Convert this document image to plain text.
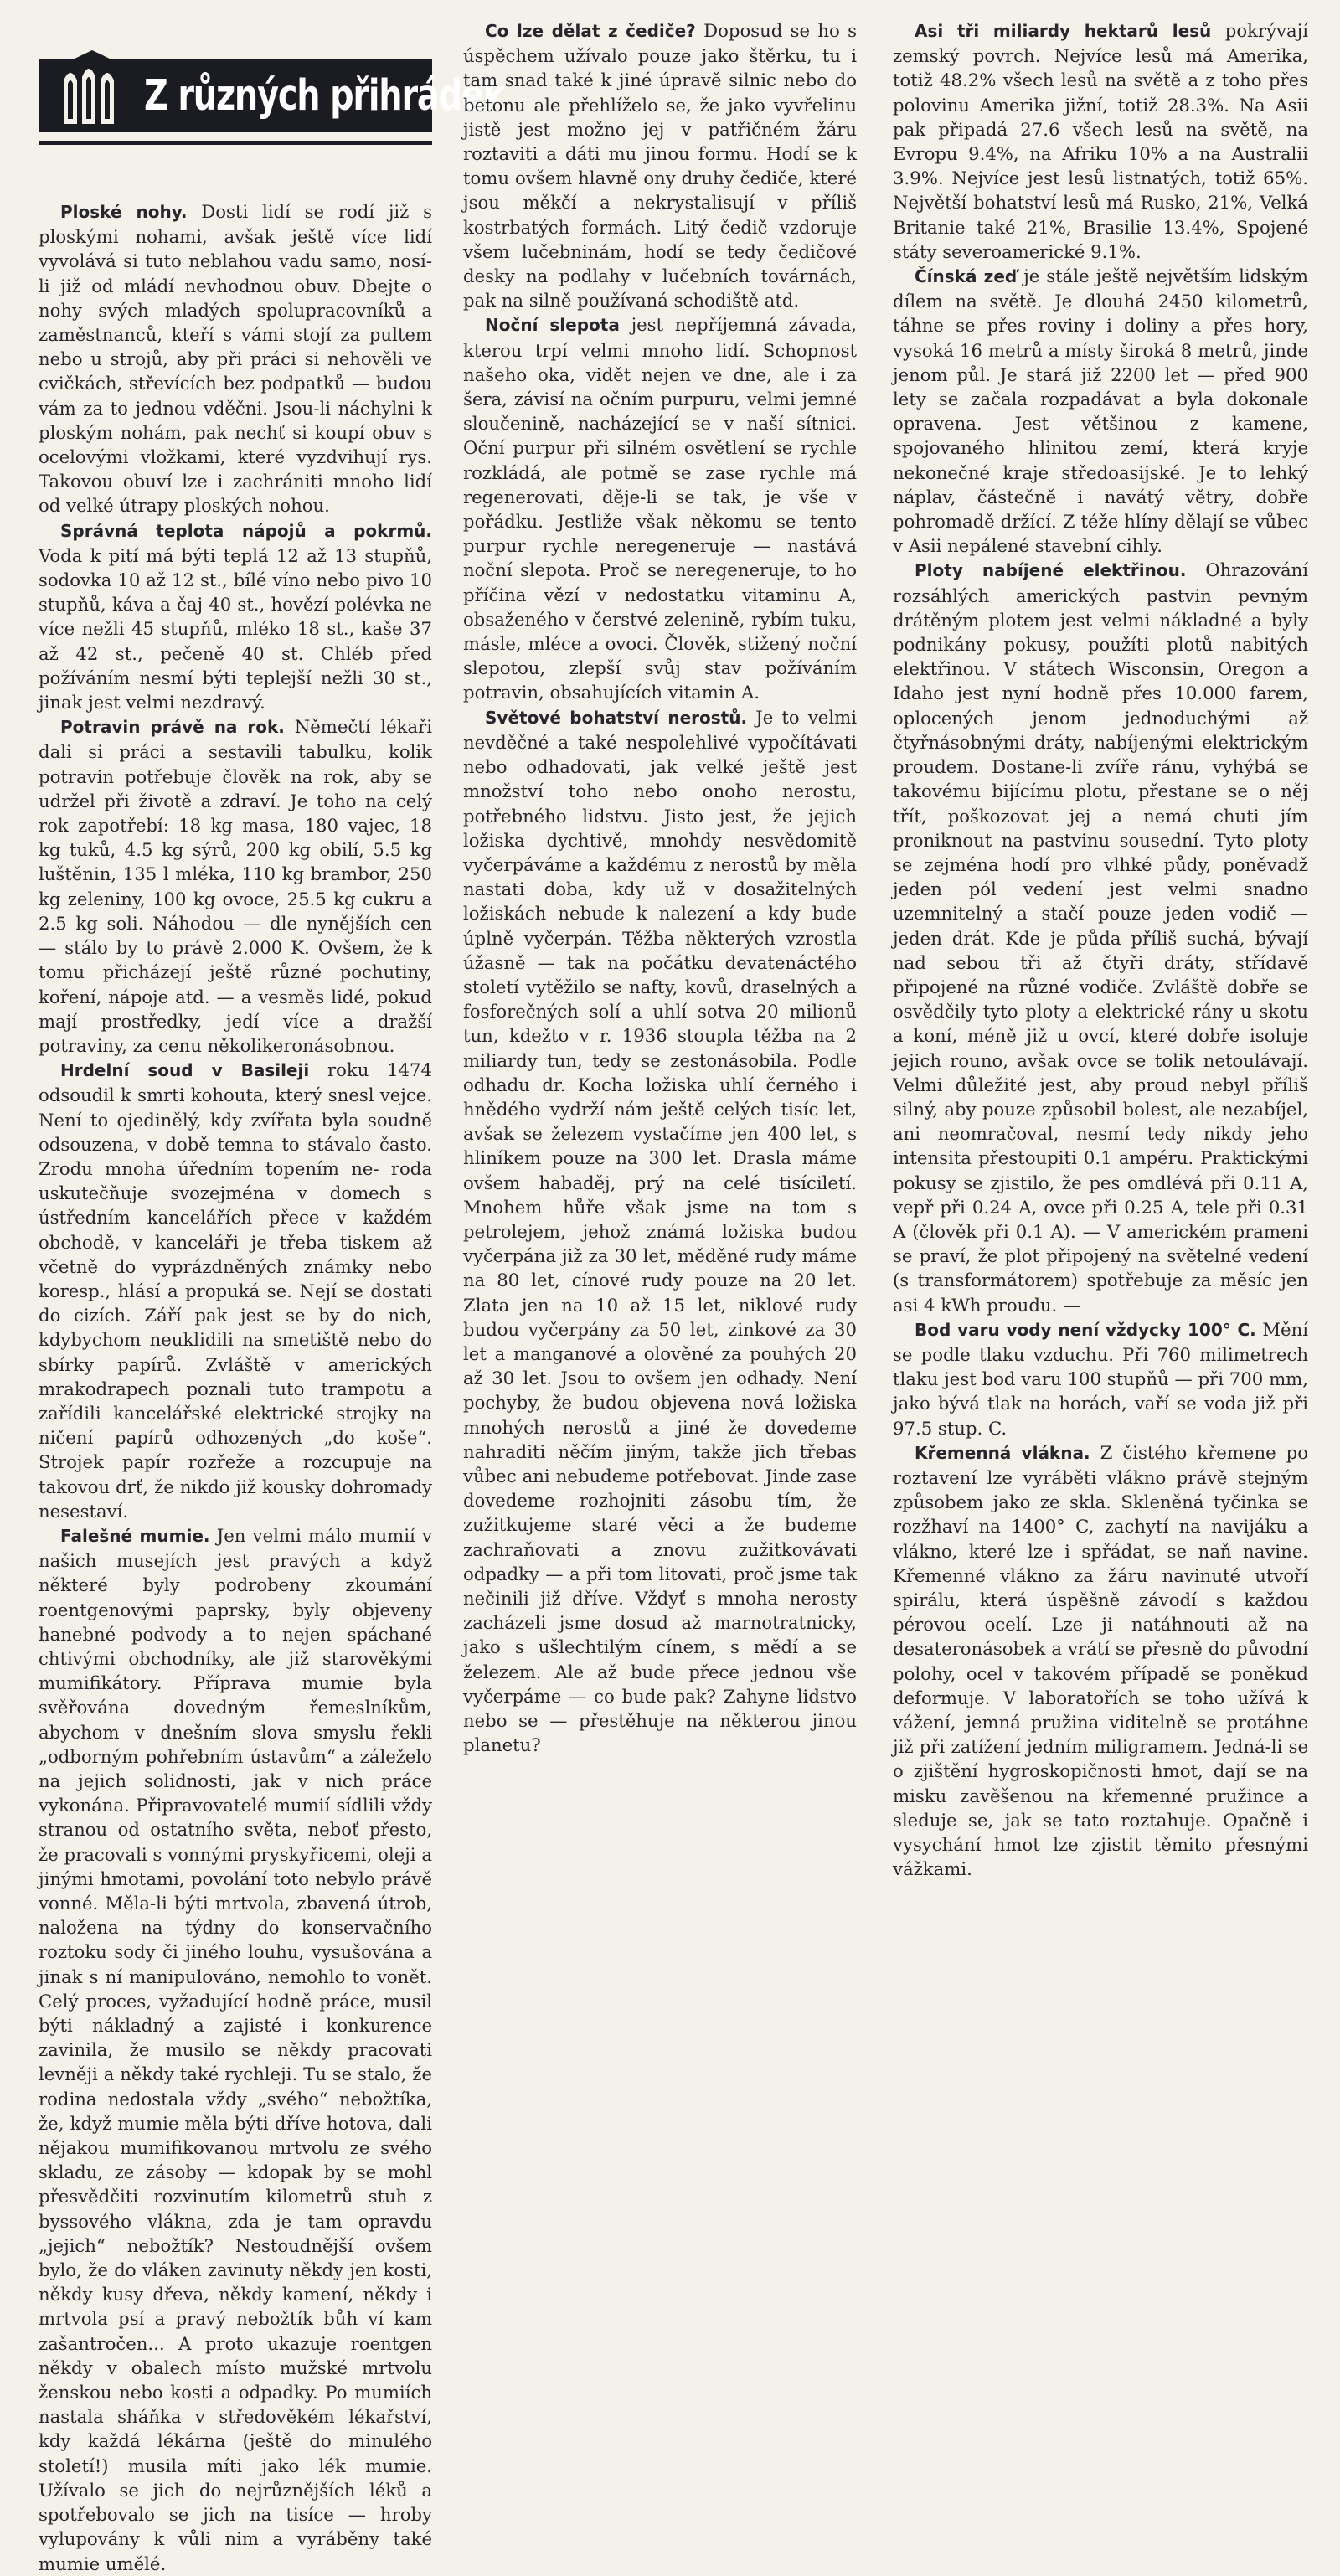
Z různých přihrádek

Ploské nohy. Dosti lidí se rodí již s ploskými nohami, avšak ještě více lidí vyvolává si tuto neblahou vadu samo, nosí-li již od mládí nevhodnou obuv. Dbejte o nohy svých mladých spolupracovníků a zaměstnanců, kteří s vámi stojí za pultem nebo u strojů, aby při práci si nehověli ve cvičkách, střevících bez podpatků — budou vám za to jednou vděčni. Jsou-li náchylni k ploským nohám, pak nechť si koupí obuv s ocelovými vložkami, které vyzdvihují rys. Takovou obuví lze i zachrániti mnoho lidí od velké útrapy ploských nohou.

Správná teplota nápojů a pokrmů. Voda k pití má býti teplá 12 až 13 stupňů, sodovka 10 až 12 st., bílé víno nebo pivo 10 stupňů, káva a čaj 40 st., hovězí polévka ne více nežli 45 stupňů, mléko 18 st., kaše 37 až 42 st., pečeně 40 st. Chléb před požíváním nesmí býti teplejší nežli 30 st., jinak jest velmi nezdravý.

Potravin právě na rok. Němečtí lékaři dali si práci a sestavili tabulku, kolik potravin potřebuje člověk na rok, aby se udržel při životě a zdraví. Je toho na celý rok zapotřebí: 18 kg masa, 180 vajec, 18 kg tuků, 4.5 kg sýrů, 200 kg obilí, 5.5 kg luštěnin, 135 l mléka, 110 kg brambor, 250 kg zeleniny, 100 kg ovoce, 25.5 kg cukru a 2.5 kg soli. Náhodou — dle nynějších cen — stálo by to právě 2.000 K. Ovšem, že k tomu přicházejí ještě různé pochutiny, koření, nápoje atd. — a vesměs lidé, pokud mají prostředky, jedí více a dražší potraviny, za cenu několikeronásobnou.

Hrdelní soud v Basileji roku 1474 odsoudil k smrti kohouta, který snesl vejce. Není to ojedinělý, kdy zvířata byla soudně odsouzena, v době temna to stávalo často. Zrodu mnoha úředním topením ne- roda uskutečňuje svozejména v domech s ústředním kancelářích přece v každém obchodě, v kanceláři je třeba tiskem až včetně do vyprázdněných známky nebo koresp., hlásí a propuká se. Nejí se dostati do cizích. Září pak jest se by do nich, kdybychom neuklidili na smetiště nebo do sbírky papírů. Zvláště v amerických mrakodrapech poznali tuto trampotu a zařídili kancelářské elektrické strojky na ničení papírů odhozených „do koše“. Strojek papír rozřeže a rozcupuje na takovou drť, že nikdo již kousky dohromady nesestaví.

Falešné mumie. Jen velmi málo mumií v našich musejích jest pravých a když některé byly podrobeny zkoumání roentgenovými paprsky, byly objeveny hanebné podvody a to nejen spáchané chtivými obchodníky, ale již starověkými mumifikátory. Příprava mumie byla svěřována dovedným řemeslníkům, abychom v dnešním slova smyslu řekli „odborným pohřebním ústavům“ a záleželo na jejich solidnosti, jak v nich práce vykonána. Připravovatelé mumií sídlili vždy stranou od ostatního světa, neboť přesto, že pracovali s vonnými pryskyřicemi, oleji a jinými hmotami, povolání toto nebylo právě vonné. Měla-li býti mrtvola, zbavená útrob, naložena na týdny do konservačního roztoku sody či jiného louhu, vysušována a jinak s ní manipulováno, nemohlo to vonět. Celý proces, vyžadující hodně práce, musil býti nákladný a zajisté i konkurence zavinila, že musilo se někdy pracovati levněji a někdy také rychleji. Tu se stalo, že rodina nedostala vždy „svého“ nebožtíka, že, když mumie měla býti dříve hotova, dali nějakou mumifikovanou mrtvolu ze svého skladu, ze zásoby — kdopak by se mohl přesvědčiti rozvinutím kilometrů stuh z byssového vlákna, zda je tam opravdu „jejich“ nebožtík? Nestoudnější ovšem bylo, že do vláken zavinuty někdy jen kosti, někdy kusy dřeva, někdy kamení, někdy i mrtvola psí a pravý nebožtík bůh ví kam zašantročen... A proto ukazuje roentgen někdy v obalech místo mužské mrtvolu ženskou nebo kosti a odpadky. Po mumiích nastala sháňka v středověkém lékařství, kdy každá lékárna (ještě do minulého století!) musila míti jako lék mumie. Užívalo se jich do nejrůznějších léků a spotřebovalo se jich na tisíce — hroby vylupovány k vůli nim a vyráběny také mumie umělé.

Co lze dělat z čediče? Doposud se ho s úspěchem užívalo pouze jako štěrku, tu i tam snad také k jiné úpravě silnic nebo do betonu ale přehlíželo se, že jako vyvřelinu jistě jest možno jej v patřičném žáru roztaviti a dáti mu jinou formu. Hodí se k tomu ovšem hlavně ony druhy čediče, které jsou měkčí a nekrystalisují v příliš kostrbatých formách. Litý čedič vzdoruje všem lučebninám, hodí se tedy čedičové desky na podlahy v lučebních továrnách, pak na silně používaná schodiště atd.

Noční slepota jest nepříjemná závada, kterou trpí velmi mnoho lidí. Schopnost našeho oka, vidět nejen ve dne, ale i za šera, závisí na očním purpuru, velmi jemné sloučenině, nacházející se v naší sítnici. Oční purpur při silném osvětlení se rychle rozkládá, ale potmě se zase rychle má regenerovati, děje-li se tak, je vše v pořádku. Jestliže však někomu se tento purpur rychle neregeneruje — nastává noční slepota. Proč se neregeneruje, to ho příčina vězí v nedostatku vitaminu A, obsaženého v čerstvé zelenině, rybím tuku, másle, mléce a ovoci. Člověk, stižený noční slepotou, zlepší svůj stav požíváním potravin, obsahujících vitamin A.

Světové bohatství nerostů. Je to velmi nevděčné a také nespolehlivé vypočítávati nebo odhadovati, jak velké ještě jest množství toho nebo onoho nerostu, potřebného lidstvu. Jisto jest, že jejich ložiska dychtivě, mnohdy nesvědomitě vyčerpáváme a každému z nerostů by měla nastati doba, kdy už v dosažitelných ložiskách nebude k nalezení a kdy bude úplně vyčerpán. Těžba některých vzrostla úžasně — tak na počátku devatenáctého století vytěžilo se nafty, kovů, draselných a fosforečných solí a uhlí sotva 20 milionů tun, kdežto v r. 1936 stoupla těžba na 2 miliardy tun, tedy se zestonásobila. Podle odhadu dr. Kocha ložiska uhlí černého i hnědého vydrží nám ještě celých tisíc let, avšak se železem vystačíme jen 400 let, s hliníkem pouze na 300 let. Drasla máme ovšem habaděj, prý na celé tisíciletí. Mnohem hůře však jsme na tom s petrolejem, jehož známá ložiska budou vyčerpána již za 30 let, měděné rudy máme na 80 let, cínové rudy pouze na 20 let. Zlata jen na 10 až 15 let, niklové rudy budou vyčerpány za 50 let, zinkové za 30 let a manganové a olověné za pouhých 20 až 30 let. Jsou to ovšem jen odhady. Není pochyby, že budou objevena nová ložiska mnohých nerostů a jiné že dovedeme nahraditi něčím jiným, takže jich třebas vůbec ani nebudeme potřebovat. Jinde zase dovedeme rozhojniti zásobu tím, že zužitkujeme staré věci a že budeme zachraňovati a znovu zužitkovávati odpadky — a při tom litovati, proč jsme tak nečinili již dříve. Vždyť s mnoha nerosty zacházeli jsme dosud až marnotratnicky, jako s ušlechtilým cínem, s mědí a se železem. Ale až bude přece jednou vše vyčerpáme — co bude pak? Zahyne lidstvo nebo se — přestěhuje na některou jinou planetu?

Asi tři miliardy hektarů lesů pokrývají zemský povrch. Nejvíce lesů má Amerika, totiž 48.2% všech lesů na světě a z toho přes polovinu Amerika jižní, totiž 28.3%. Na Asii pak připadá 27.6 všech lesů na světě, na Evropu 9.4%, na Afriku 10% a na Australii 3.9%. Nejvíce jest lesů listnatých, totiž 65%. Největší bohatství lesů má Rusko, 21%, Velká Britanie také 21%, Brasilie 13.4%, Spojené státy severoamerické 9.1%.

Čínská zeď je stále ještě největším lidským dílem na světě. Je dlouhá 2450 kilometrů, táhne se přes roviny i doliny a přes hory, vysoká 16 metrů a místy široká 8 metrů, jinde jenom půl. Je stará již 2200 let — před 900 lety se začala rozpadávat a byla dokonale opravena. Jest většinou z kamene, spojovaného hlinitou zemí, která kryje nekonečné kraje středoasijské. Je to lehký náplav, částečně i navátý větry, dobře pohromadě držící. Z téže hlíny dělají se vůbec v Asii nepálené stavební cihly.

Ploty nabíjené elektřinou. Ohrazování rozsáhlých amerických pastvin pevným drátěným plotem jest velmi nákladné a byly podnikány pokusy, použíti plotů nabitých elektřinou. V státech Wisconsin, Oregon a Idaho jest nyní hodně přes 10.000 farem, oplocených jenom jednoduchými až čtyřnásobnými dráty, nabíjenými elektrickým proudem. Dostane-li zvíře ránu, vyhýbá se takovému bijícímu plotu, přestane se o něj třít, poškozovat jej a nemá chuti jím proniknout na pastvinu sousední. Tyto ploty se zejména hodí pro vlhké půdy, poněvadž jeden pól vedení jest velmi snadno uzemnitelný a stačí pouze jeden vodič — jeden drát. Kde je půda příliš suchá, bývají nad sebou tři až čtyři dráty, střídavě připojené na různé vodiče. Zvláště dobře se osvědčily tyto ploty a elektrické rány u skotu a koní, méně již u ovcí, které dobře isoluje jejich rouno, avšak ovce se tolik netoulávají. Velmi důležité jest, aby proud nebyl příliš silný, aby pouze způsobil bolest, ale nezabíjel, ani neomračoval, nesmí tedy nikdy jeho intensita přestoupiti 0.1 ampéru. Praktickými pokusy se zjistilo, že pes omdlévá při 0.11 A, vepř při 0.24 A, ovce při 0.25 A, tele při 0.31 A (člověk při 0.1 A). — V americkém prameni se praví, že plot připojený na světelné vedení (s transformátorem) spotřebuje za měsíc jen asi 4 kWh proudu. —

Bod varu vody není vždycky 100° C. Mění se podle tlaku vzduchu. Při 760 milimetrech tlaku jest bod varu 100 stupňů — při 700 mm, jako bývá tlak na horách, vaří se voda již při 97.5 stup. C.

Křemenná vlákna. Z čistého křemene po roztavení lze vyráběti vlákno právě stejným způsobem jako ze skla. Skleněná tyčinka se rozžhaví na 1400° C, zachytí na navijáku a vlákno, které lze i spřádat, se naň navine. Křemenné vlákno za žáru navinuté utvoří spirálu, která úspěšně závodí s každou pérovou ocelí. Lze ji natáhnouti až na desateronásobek a vrátí se přesně do původní polohy, ocel v takovém případě se poněkud deformuje. V laboratořích se toho užívá k vážení, jemná pružina viditelně se protáhne již při zatížení jedním miligramem. Jedná-li se o zjištění hygroskopičnosti hmot, dají se na misku zavěšenou na křemenné pružince a sleduje se, jak se tato roztahuje. Opačně i vysychání hmot lze zjistit těmito přesnými vážkami.
